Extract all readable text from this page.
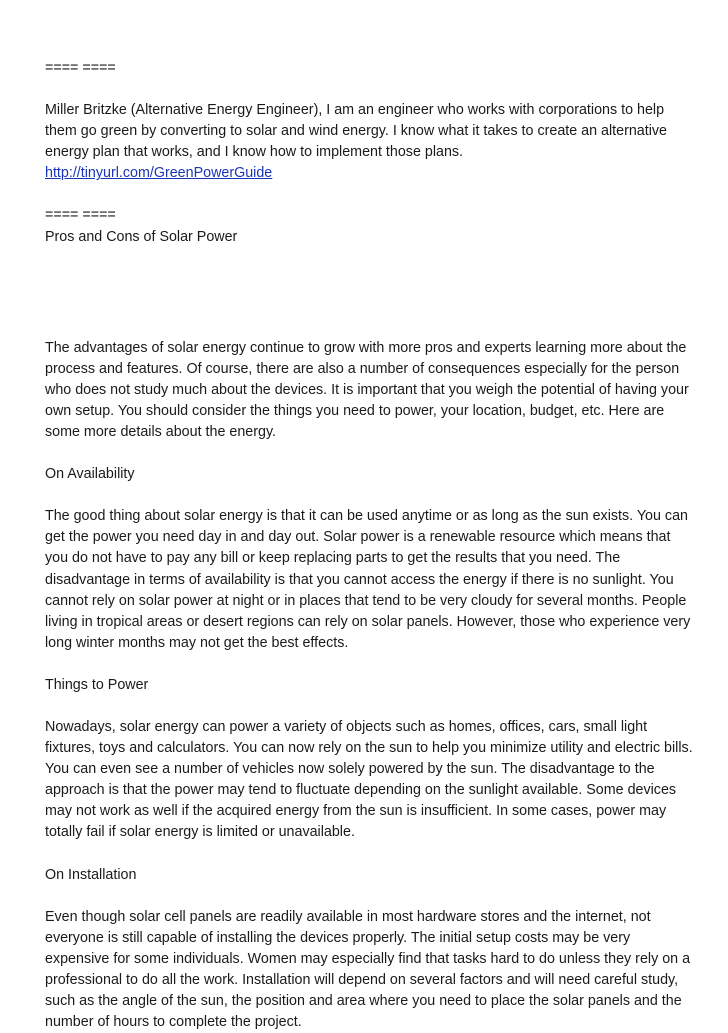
==== ====

Miller Britzke (Alternative Energy Engineer), I am an engineer who works with corporations to help them go green by converting to solar and wind energy. I know what it takes to create an alternative energy plan that works, and I know how to implement those plans.

http://tinyurl.com/GreenPowerGuide

==== ====

Pros and Cons of Solar Power

The advantages of solar energy continue to grow with more pros and experts learning more about the process and features. Of course, there are also a number of consequences especially for the person who does not study much about the devices. It is important that you weigh the potential of having your own setup. You should consider the things you need to power, your location, budget, etc. Here are some more details about the energy.

On Availability

The good thing about solar energy is that it can be used anytime or as long as the sun exists. You can get the power you need day in and day out. Solar power is a renewable resource which means that you do not have to pay any bill or keep replacing parts to get the results that you need. The disadvantage in terms of availability is that you cannot access the energy if there is no sunlight. You cannot rely on solar power at night or in places that tend to be very cloudy for several months. People living in tropical areas or desert regions can rely on solar panels. However, those who experience very long winter months may not get the best effects.

Things to Power

Nowadays, solar energy can power a variety of objects such as homes, offices, cars, small light fixtures, toys and calculators. You can now rely on the sun to help you minimize utility and electric bills. You can even see a number of vehicles now solely powered by the sun. The disadvantage to the approach is that the power may tend to fluctuate depending on the sunlight available. Some devices may not work as well if the acquired energy from the sun is insufficient. In some cases, power may totally fail if solar energy is limited or unavailable.

On Installation

Even though solar cell panels are readily available in most hardware stores and the internet, not everyone is still capable of installing the devices properly. The initial setup costs may be very expensive for some individuals. Women may especially find that tasks hard to do unless they rely on a professional to do all the work. Installation will depend on several factors and will need careful study, such as the angle of the sun, the position and area where you need to place the solar panels and the number of hours to complete the project.
